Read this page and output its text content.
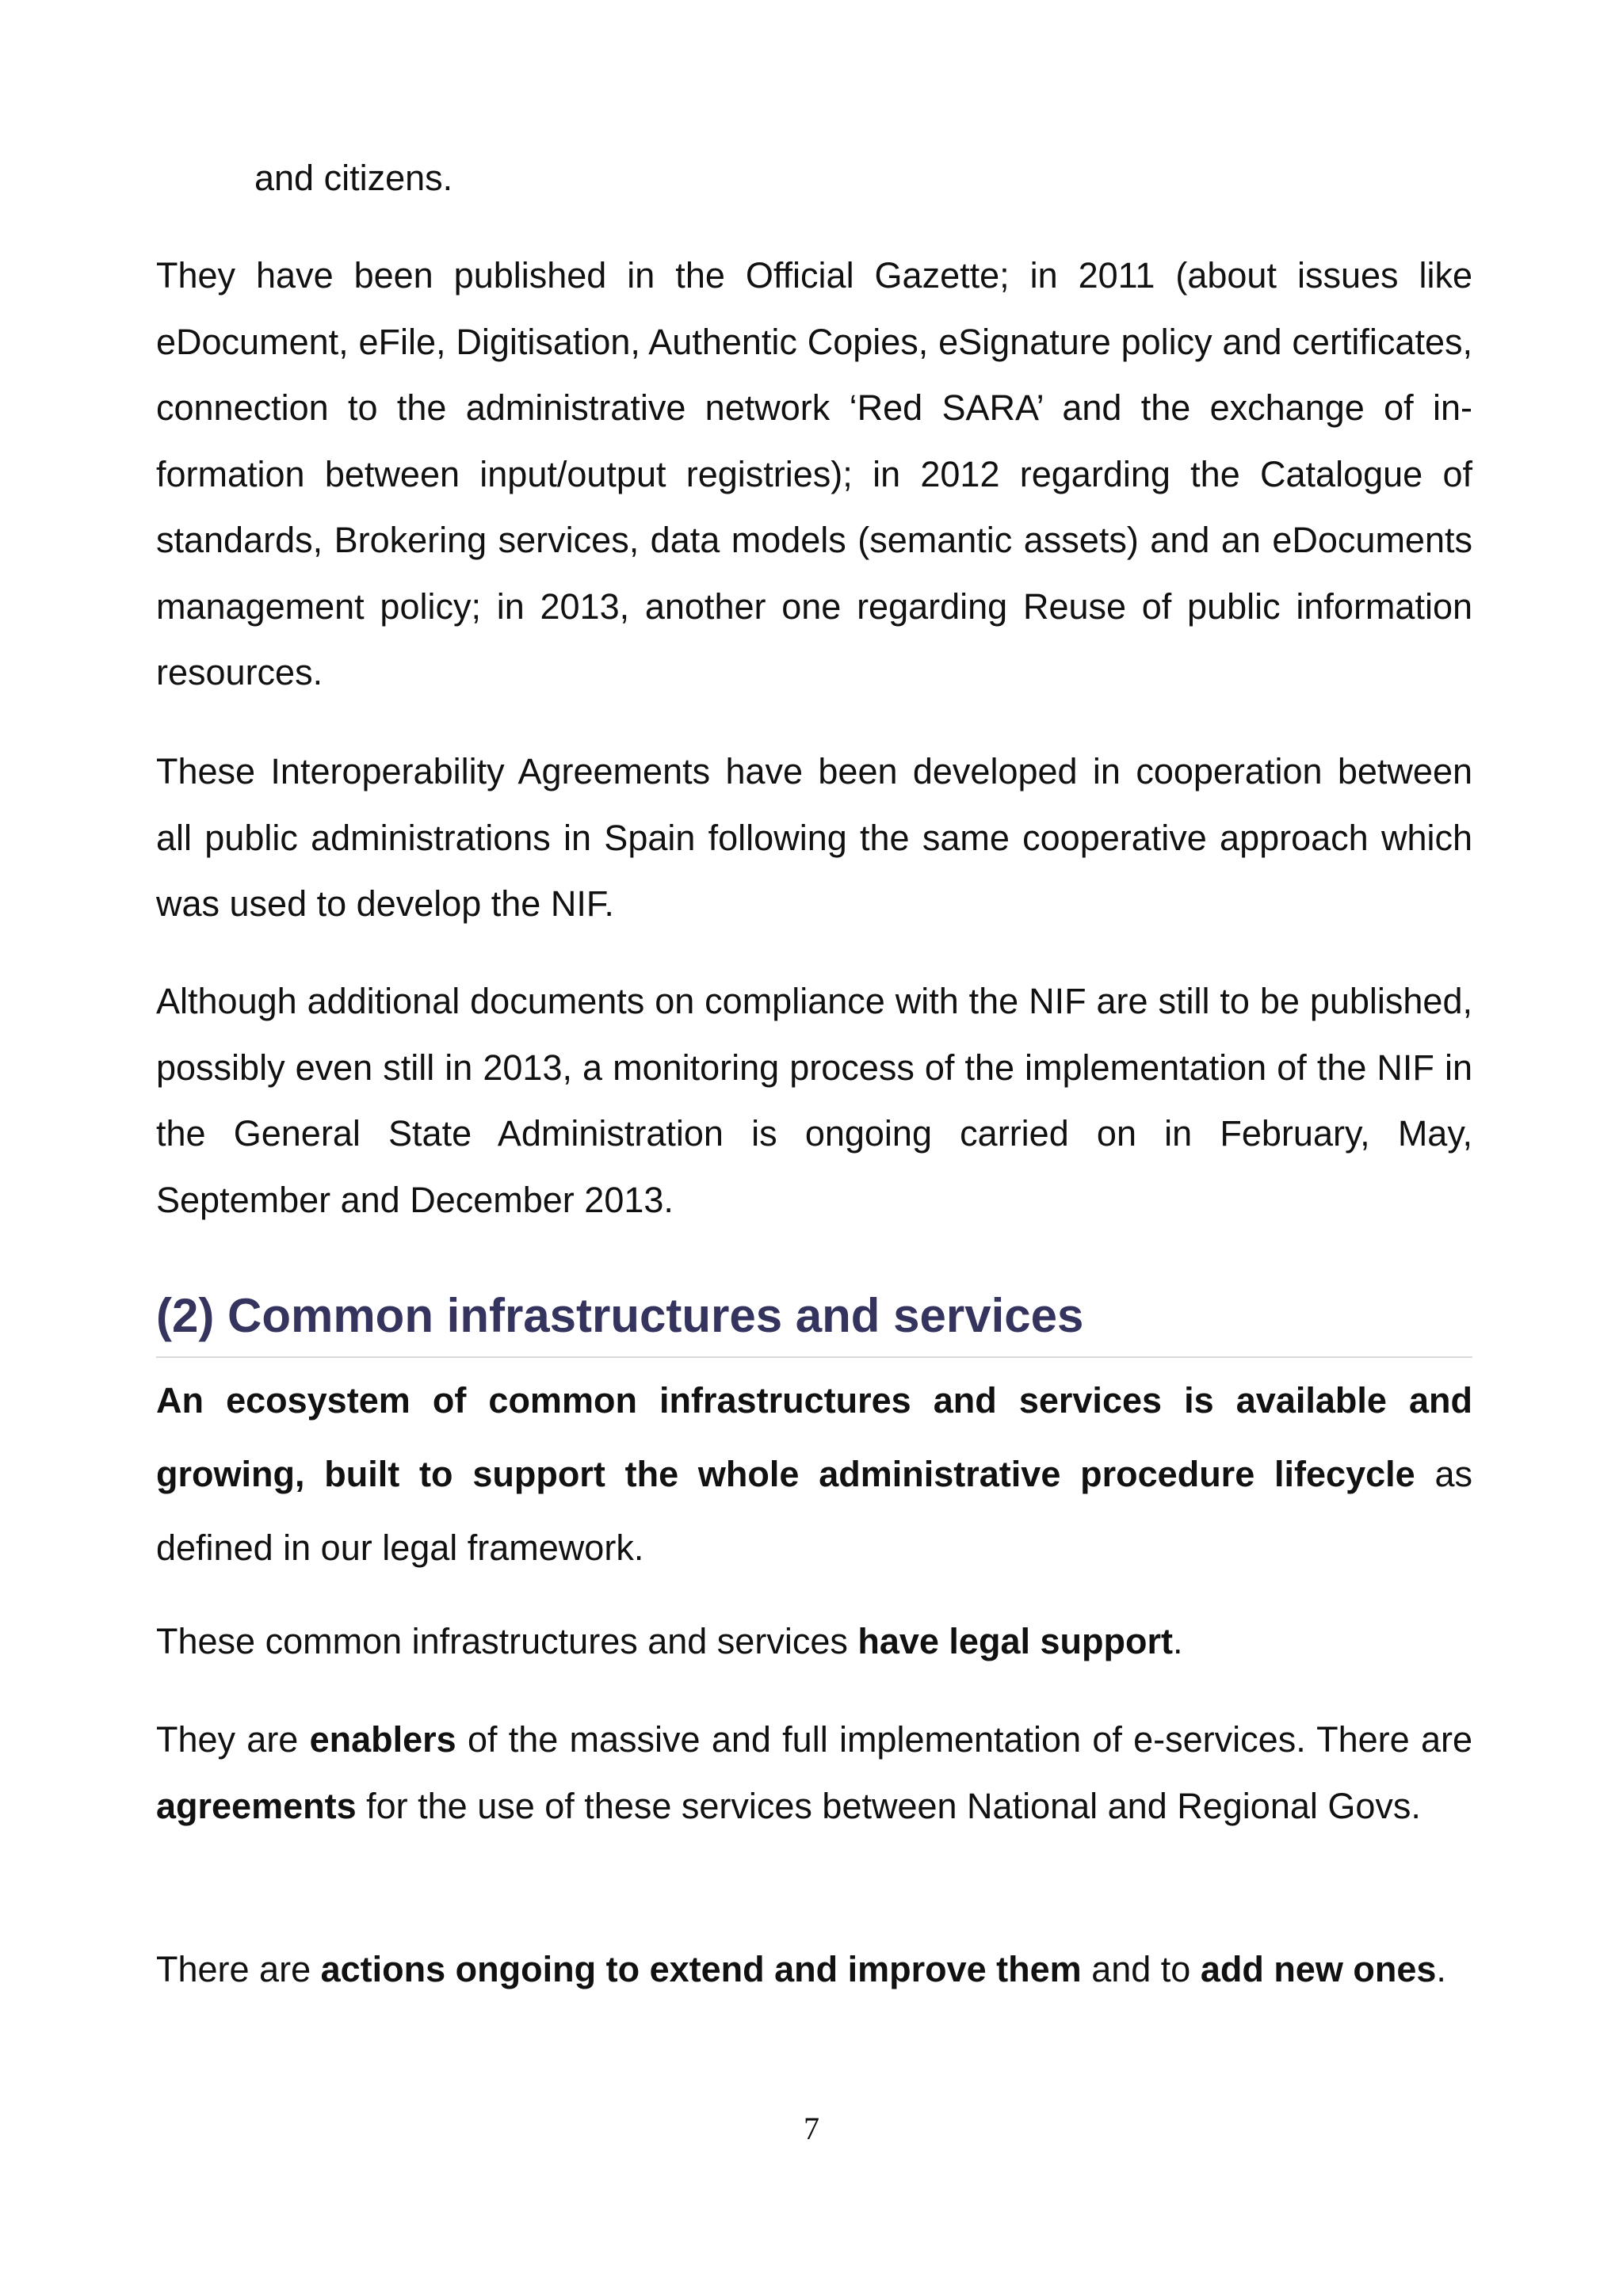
and citizens.

They have been published in the Official Gazette; in 2011 (about issues like eDocument, eFile, Digitisation, Authentic Copies, eSignature policy and certificates, connection to the administrative network ‘Red SARA’ and the exchange of in-formation between input/output registries); in 2012 regarding the Catalogue of standards, Brokering services, data models (semantic assets) and an eDocuments management policy; in 2013, another one regarding Reuse of public information resources.

These Interoperability Agreements have been developed in cooperation between all public administrations in Spain following the same cooperative approach which was used to develop the NIF.

Although additional documents on compliance with the NIF are still to be published, possibly even still in 2013, a monitoring process of the implementation of the NIF in the General State Administration is ongoing carried on in February, May, September and December 2013.

(2) Common infrastructures and services

An ecosystem of common infrastructures and services is available and growing, built to support the whole administrative procedure lifecycle as defined in our legal framework.

These common infrastructures and services have legal support.

They are enablers of the massive and full implementation of e-services. There are agreements for the use of these services between National and Regional Govs.

There are actions ongoing to extend and improve them and to add new ones.

7
